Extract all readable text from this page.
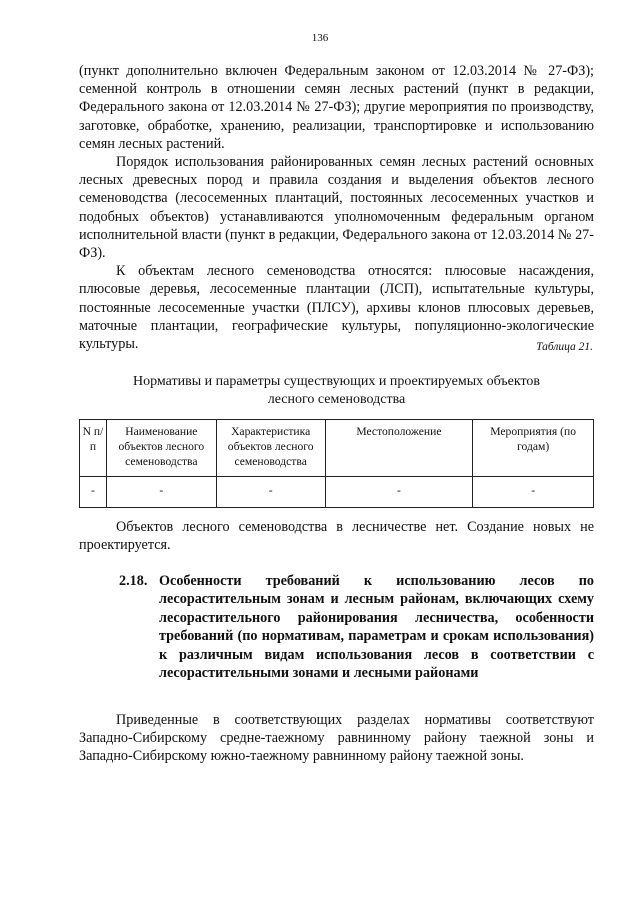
136

(пункт дополнительно включен Федеральным законом от 12.03.2014 № 27-ФЗ); семенной контроль в отношении семян лесных растений (пункт в редакции, Федерального закона от 12.03.2014 № 27-ФЗ); другие мероприятия по производству, заготовке, обработке, хранению, реализации, транспортировке и использованию семян лесных растений.

Порядок использования районированных семян лесных растений основных лесных древесных пород и правила создания и выделения объектов лесного семеноводства (лесосеменных плантаций, постоянных лесосеменных участков и подобных объектов) устанавливаются уполномоченным федеральным органом исполнительной власти (пункт в редакции, Федерального закона от 12.03.2014 № 27-ФЗ).

К объектам лесного семеноводства относятся: плюсовые насаждения, плюсовые деревья, лесосеменные плантации (ЛСП), испытательные культуры, постоянные лесосеменные участки (ПЛСУ), архивы клонов плюсовых деревьев, маточные плантации, географические культуры, популяционно-экологические культуры.	Таблица 21.
Нормативы и параметры существующих и проектируемых объектов
лесного семеноводства
N п/п	Наименование объектов лесного семеноводства	Характеристика объектов лесного семеноводства	Местоположение	Мероприятия (по годам)
-	-	-	-	-

Объектов лесного семеноводства в лесничестве нет. Создание новых не проектируется.

2.18. Особенности требований к использованию лесов по лесорастительным зонам и лесным районам, включающих схему лесорастительного районирования лесничества, особенности требований (по нормативам, параметрам и срокам использования) к различным видам использования лесов в соответствии с лесорастительными зонами и лесными районами

Приведенные в соответствующих разделах нормативы соответствуют Западно-Сибирскому средне-таежному равнинному району таежной зоны и Западно-Сибирскому южно-таежному равнинному району таежной зоны.
